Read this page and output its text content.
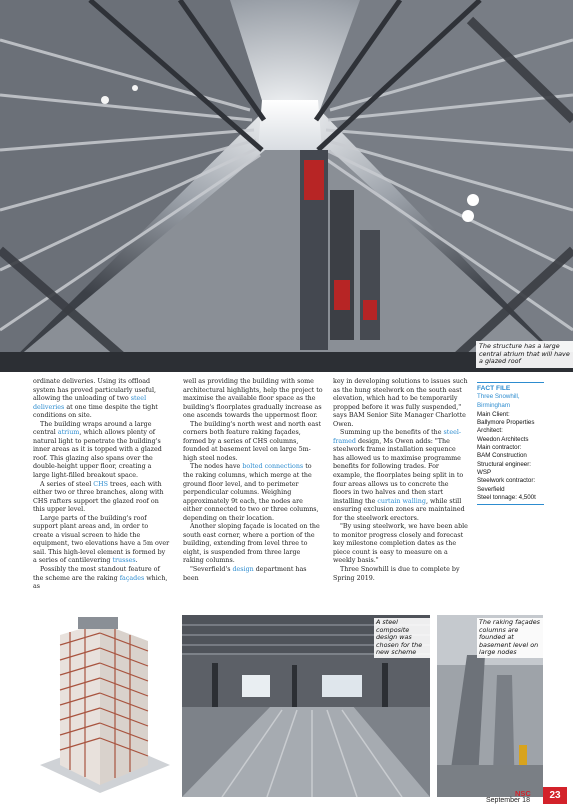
The structure has a large central atrium that will have a glazed roof

ordinate deliveries. Using its offload system has proved particularly useful, allowing the unloading of two steel deliveries at one time despite the tight conditions on site.

The building wraps around a large central atrium, which allows plenty of natural light to penetrate the building's inner areas as it is topped with a glazed roof. This glazing also spans over the double-height upper floor, creating a large light-filled breakout space.

A series of steel CHS trees, each with either two or three branches, along with CHS rafters support the glazed roof on this upper level.

Large parts of the building's roof support plant areas and, in order to create a visual screen to hide the equipment, two elevations have a 5m over sail. This high-level element is formed by a series of cantilevering trusses.

Possibly the most standout feature of the scheme are the raking façades which, as

well as providing the building with some architectural highlights, help the project to maximise the available floor space as the building's floorplates gradually increase as one ascends towards the uppermost floor.

The building's north west and north east corners both feature raking façades, formed by a series of CHS columns, founded at basement level on large 5m-high steel nodes.

The nodes have bolted connections to the raking columns, which merge at the ground floor level, and to perimeter perpendicular columns. Weighing approximately 9t each, the nodes are either connected to two or three columns, depending on their location.

Another sloping façade is located on the south east corner, where a portion of the building, extending from level three to eight, is suspended from three large raking columns.

"Severfield's design department has been

key in developing solutions to issues such as the hung steelwork on the south east elevation, which had to be temporarily propped before it was fully suspended," says BAM Senior Site Manager Charlotte Owen.

Summing up the benefits of the steel-framed design, Ms Owen adds: "The steelwork frame installation sequence has allowed us to maximise programme benefits for following trades. For example, the floorplates being split in to four areas allows us to concrete the floors in two halves and then start installing the curtain walling, while still ensuring exclusion zones are maintained for the steelwork erectors.

"By using steelwork, we have been able to monitor progress closely and forecast key milestone completion dates as the piece count is easy to measure on a weekly basis."

Three Snowhill is due to complete by Spring 2019.

FACT FILE
Three Snowhill,
Birmingham
Main Client:
Ballymore Properties
Architect:
Weedon Architects
Main contractor:
BAM Construction
Structural engineer:
WSP
Steelwork contractor:
Severfield
Steel tonnage: 4,500t
A steel composite design was chosen for the new scheme
The raking façades columns are founded at basement level on large nodes
NSC
September 18	23
